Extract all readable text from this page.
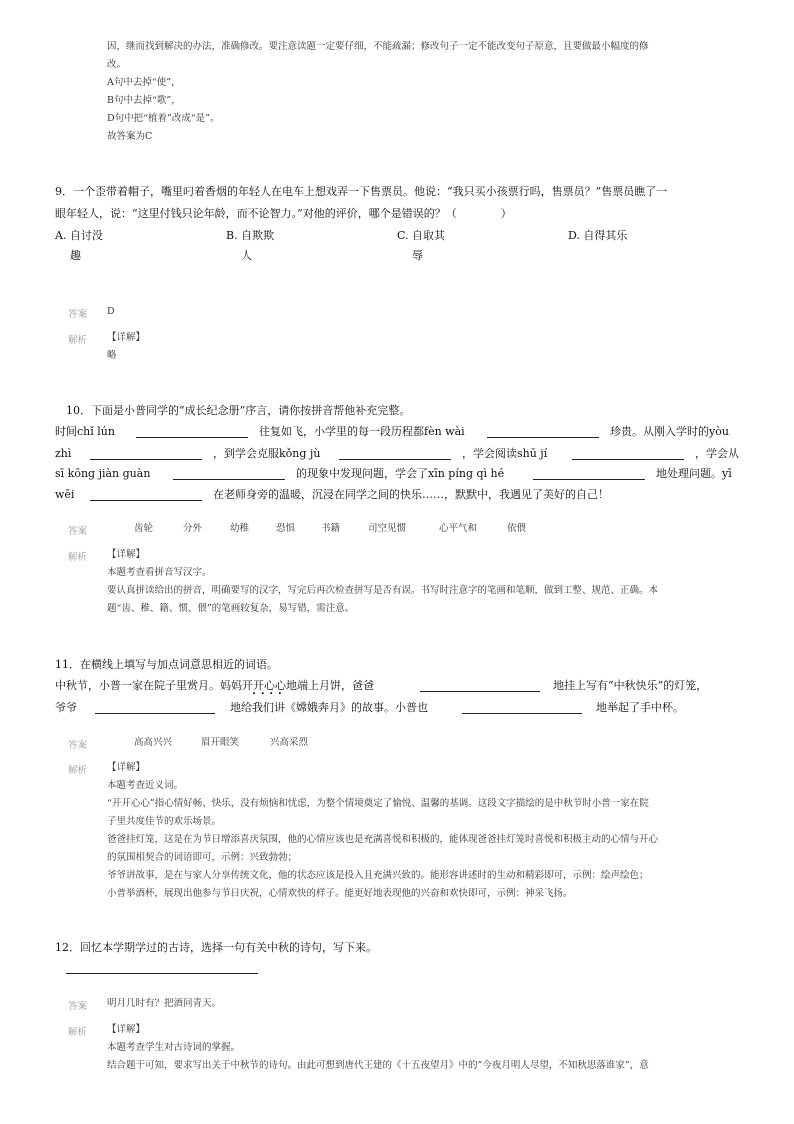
因，继而找到解决的办法，准确修改。要注意读题一定要仔细，不能疏漏；修改句子一定不能改变句子原意，且要做最小幅度的修
改。
A句中去掉“使”，
B句中去掉“歌”，
D句中把“植着”改成“是”。
故答案为C
9．一个歪带着帽子，嘴里叼着香烟的年轻人在电车上想戏弄一下售票员。他说：“我只买小孩票行吗，售票员？”售票员瞧了一
眼年轻人，说：“这里付钱只论年龄，而不论智力。”对他的评价，哪个是错误的？（　　　　）
A. 自讨没
趣
B. 自欺欺
人
C. 自取其
辱
D. 自得其乐
答案 D
解析 【详解】
略
10．下面是小普同学的“成长纪念册”序言，请你按拼音帮他补充完整。
时间chǐ lún	往复如飞，小学里的每一段历程都fèn wài	珍贵。从刚入学时的yòu
zhì	，到学会克服kǒng jù	，学会阅读shū jí	，学会从
sī kōng jiàn guàn	的现象中发现问题，学会了xīn píng qì hé	地处理问题。yī
wēi	在老师身旁的温暖，沉浸在同学之间的快乐……，默默中，我遇见了美好的自己！
答案	齿轮	分外	幼稚	恐惧	书籍	司空见惯	心平气和	依偎
解析 【详解】
本题考查看拼音写汉字。
要认真拼读给出的拼音，明确要写的汉字，写完后再次检查拼写是否有误。书写时注意字的笔画和笔顺，做到工整、规范、正确。本
题“齿、稚、籍、惯、偎”的笔画较复杂，易写错，需注意。
11．在横线上填写与加点词意思相近的词语。
中秋节，小普一家在院子里赏月。妈妈开开心心地端上月饼，爸爸
•  •  •  •
地挂上写有“中秋快乐”的灯笼，
爷爷	地给我们讲《嫦娥奔月》的故事。小普也	地举起了手中杯。
答案	高高兴兴	眉开眼笑	兴高采烈
解析 【详解】
本题考查近义词。
“开开心心”指心情好畅、快乐，没有烦恼和忧虑，为整个情境奠定了愉悦、温馨的基调。这段文字描绘的是中秋节时小普一家在院
子里共度佳节的欢乐场景。
爸爸挂灯笼，这是在为节日增添喜庆氛围，他的心情应该也是充满喜悦和积极的，能体现爸爸挂灯笼时喜悦和积极主动的心情与开心
的氛围相契合的词语即可，示例：兴致勃勃；
爷爷讲故事，是在与家人分享传统文化，他的状态应该是投入且充满兴致的。能形容讲述时的生动和精彩即可，示例：绘声绘色；
小普举酒杯，展现出他参与节日庆祝，心情欢快的样子。能更好地表现他的兴奋和欢快即可，示例：神采飞扬。
12．回忆本学期学过的古诗，选择一句有关中秋的诗句，写下来。
答案 明月几时有？把酒问青天。
解析 【详解】
本题考查学生对古诗词的掌握。
结合题干可知，要求写出关于中秋节的诗句。由此可想到唐代王建的《十五夜望月》中的”今夜月明人尽望，不知秋思落谁家”，意
